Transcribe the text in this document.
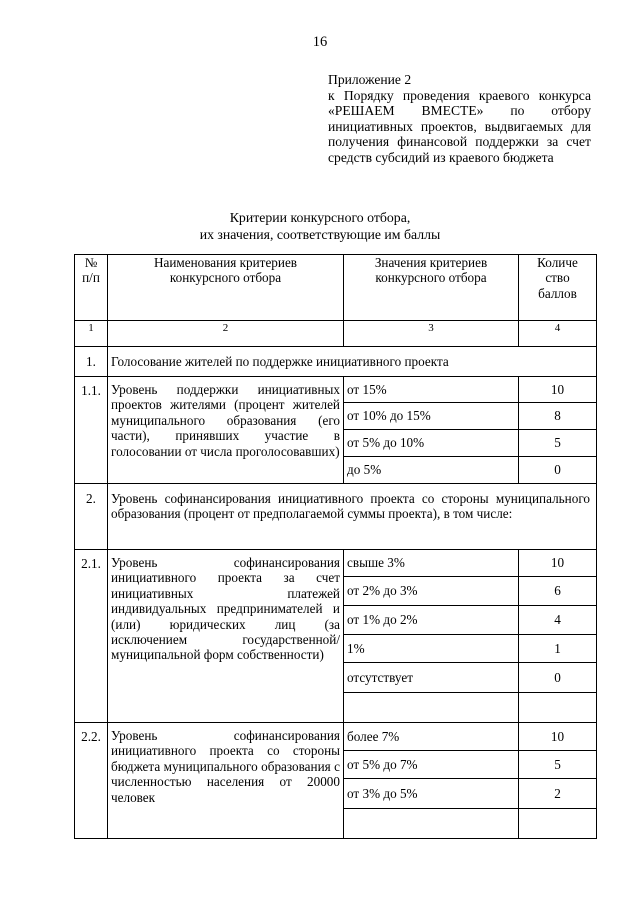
16
Приложение 2
к Порядку проведения краевого конкурса «РЕШАЕМ ВМЕСТЕ» по отбору инициативных проектов, выдвигаемых для получения финансовой поддержки за счет средств субсидий из краевого бюджета
Критерии конкурсного отбора,
их значения, соответствующие им баллы
№ п/п	Наименования критериев конкурсного отбора	Значения критериев конкурсного отбора	Количе ство баллов
1	2	3	4
1.	Голосование жителей по поддержке инициативного проекта		
1.1.	Уровень поддержки инициативных проектов жителями (процент жителей муниципального образования (его части), принявших участие в голосовании от числа проголосовавших)	от 15%	10
		от 10% до 15%	8
		от 5% до 10%	5
		до 5%	0
2.	Уровень софинансирования инициативного проекта со стороны муниципального образования (процент от предполагаемой суммы проекта), в том числе:		
2.1.	Уровень софинансирования инициативного проекта за счет инициативных платежей индивидуальных предпринимателей и (или) юридических лиц (за исключением государственной/муниципальной форм собственности)	свыше 3%	10
		от 2% до 3%	6
		от 1% до 2%	4
		1%	1
		отсутствует	0

2.2.	Уровень софинансирования инициативного проекта со стороны бюджета муниципального образования с численностью населения от 20000 человек	более 7%	10
		от 5% до 7%	5
		от 3% до 5%	2
